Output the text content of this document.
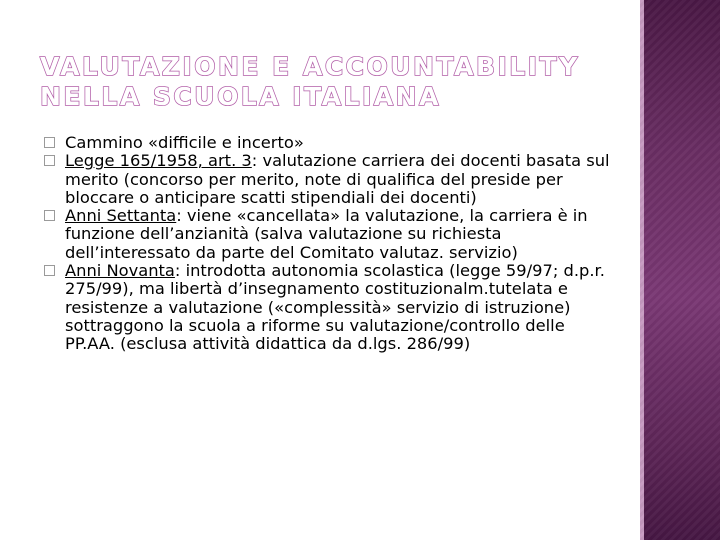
VALUTAZIONE E ACCOUNTABILITY
NELLA SCUOLA ITALIANA
Cammino «difficile e incerto»
Legge 165/1958, art. 3: valutazione carriera dei docenti basata sul merito (concorso per merito, note di qualifica del preside per bloccare o anticipare scatti stipendiali dei docenti)
Anni Settanta: viene «cancellata» la valutazione, la carriera è in funzione dell’anzianità (salva valutazione su richiesta dell’interessato da parte del Comitato valutaz. servizio)
Anni Novanta: introdotta autonomia scolastica (legge 59/97; d.p.r. 275/99), ma libertà d’insegnamento costituzionalm.tutelata e resistenze a valutazione («complessità» servizio di istruzione) sottraggono la scuola a riforme su valutazione/controllo delle PP.AA. (esclusa attività didattica da d.lgs. 286/99)
